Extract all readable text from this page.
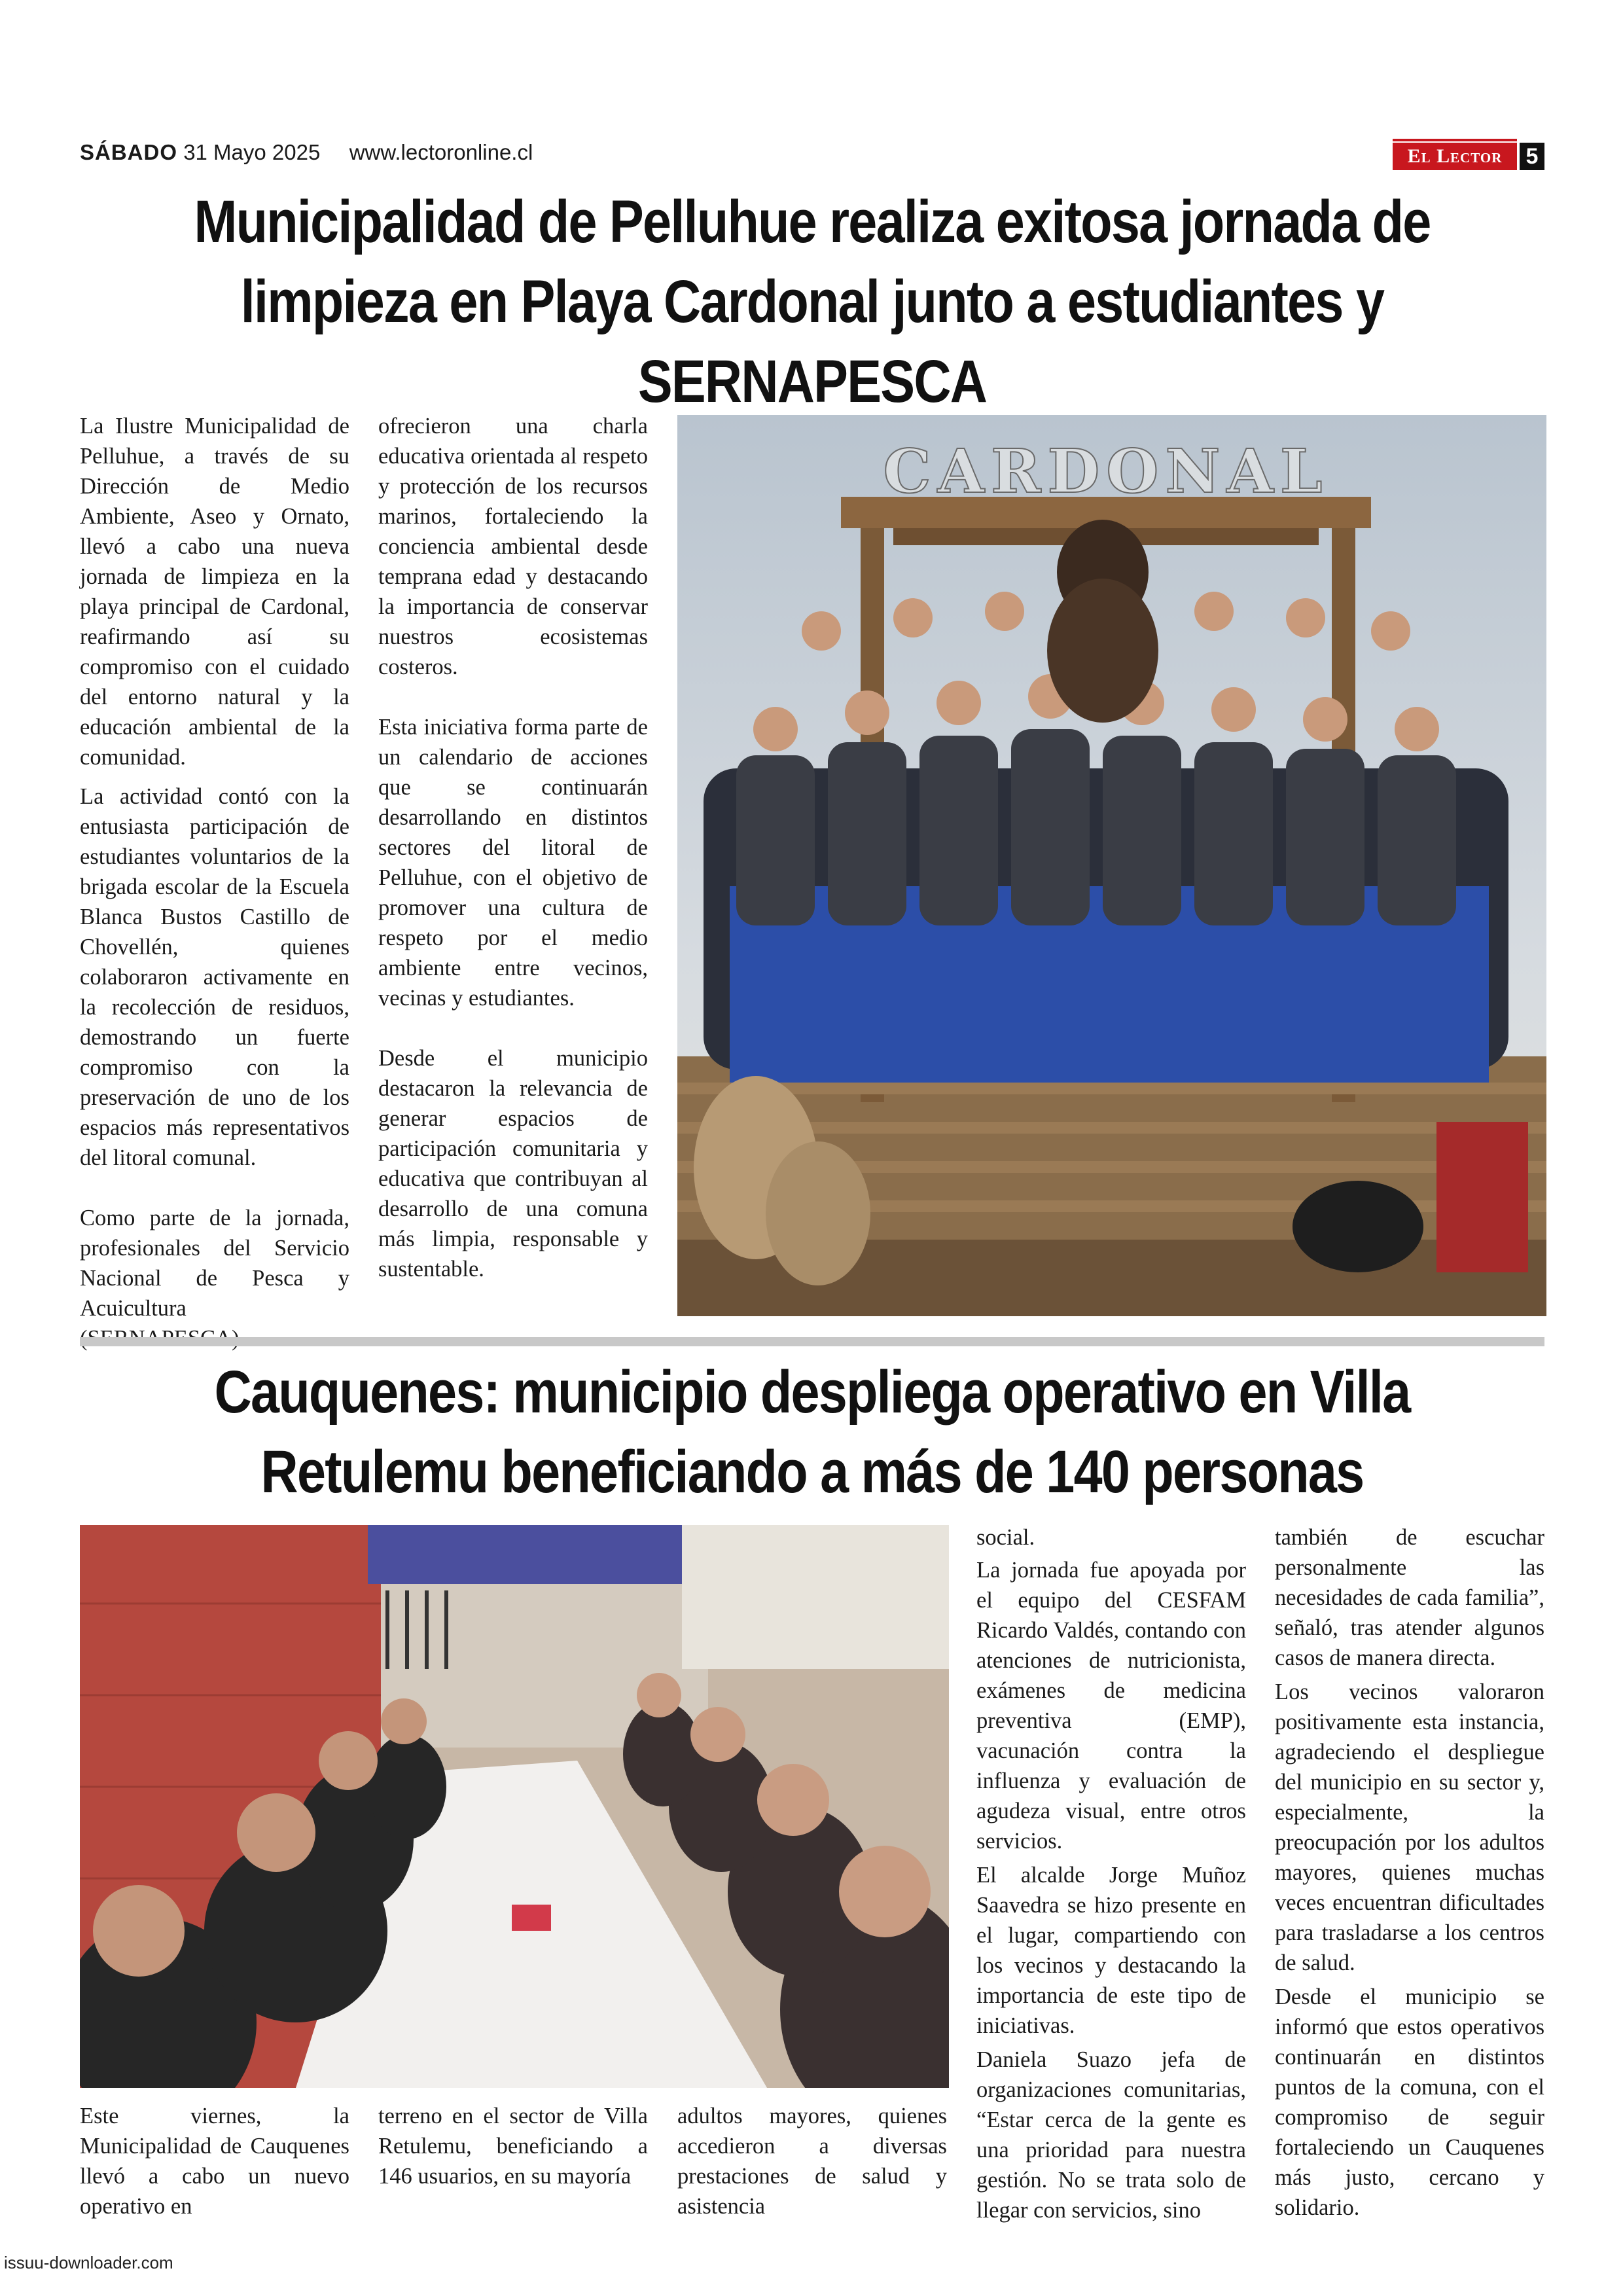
SÁBADO 31 Mayo 2025 www.lectoronline.cl	El Lector	5
Municipalidad de Pelluhue realiza exitosa jornada de limpieza en Playa Cardonal junto a estudiantes y SERNAPESCA

La Ilustre Municipalidad de Pelluhue, a través de su Dirección de Medio Ambiente, Aseo y Ornato, llevó a cabo una nueva jornada de limpieza en la playa principal de Cardonal, reafirmando así su compromiso con el cuidado del entorno natural y la educación ambiental de la comunidad.

La actividad contó con la entusiasta participación de estudiantes voluntarios de la brigada escolar de la Escuela Blanca Bustos Castillo de Chovellén, quienes colaboraron activamente en la recolección de residuos, demostrando un fuerte compromiso con la preservación de uno de los espacios más representativos del litoral comunal.

Como parte de la jornada, profesionales del Servicio Nacional de Pesca y Acuicultura

ofrecieron una charla educativa orientada al respeto y protección de los recursos marinos, fortaleciendo la conciencia ambiental desde temprana edad y destacando la importancia de conservar nuestros ecosistemas costeros.

Esta iniciativa forma parte de un calendario de acciones que se continuarán desarrollando en distintos sectores del litoral de Pelluhue, con el objetivo de promover una cultura de respeto por el medio ambiente entre vecinos, vecinas y estudiantes.

Desde el municipio destacaron la relevancia de generar espacios de participación comunitaria y educativa que contribuyan al desarrollo de una comuna más limpia, responsable y sustentable.

CARDONAL
Cauquenes: municipio despliega operativo en Villa Retulemu beneficiando a más de 140 personas

Este viernes, la Municipalidad de Cauquenes llevó a cabo un nuevo operativo en

terreno en el sector de Villa Retulemu, beneficiando a 146 usuarios, en su mayoría

adultos mayores, quienes accedieron a diversas prestaciones de salud y asistencia

social.

La jornada fue apoyada por el equipo del CESFAM Ricardo Valdés, contando con atenciones de nutricionista, exámenes de medicina preventiva (EMP), vacunación contra la influenza y evaluación de agudeza visual, entre otros servicios.

El alcalde Jorge Muñoz Saavedra se hizo presente en el lugar, compartiendo con los vecinos y destacando la importancia de este tipo de iniciativas.

Daniela Suazo jefa de organizaciones comunitarias, “Estar cerca de la gente es una prioridad para nuestra gestión. No se trata solo de llegar con servicios, sino

también de escuchar personalmente las necesidades de cada familia”, señaló, tras atender algunos casos de manera directa.

Los vecinos valoraron positivamente esta instancia, agradeciendo el despliegue del municipio en su sector y, especialmente, la preocupación por los adultos mayores, quienes muchas veces encuentran dificultades para trasladarse a los centros de salud.

Desde el municipio se informó que estos operativos continuarán en distintos puntos de la comuna, con el compromiso de seguir fortaleciendo un Cauquenes más justo, cercano y solidario.

issuu-downloader.com
